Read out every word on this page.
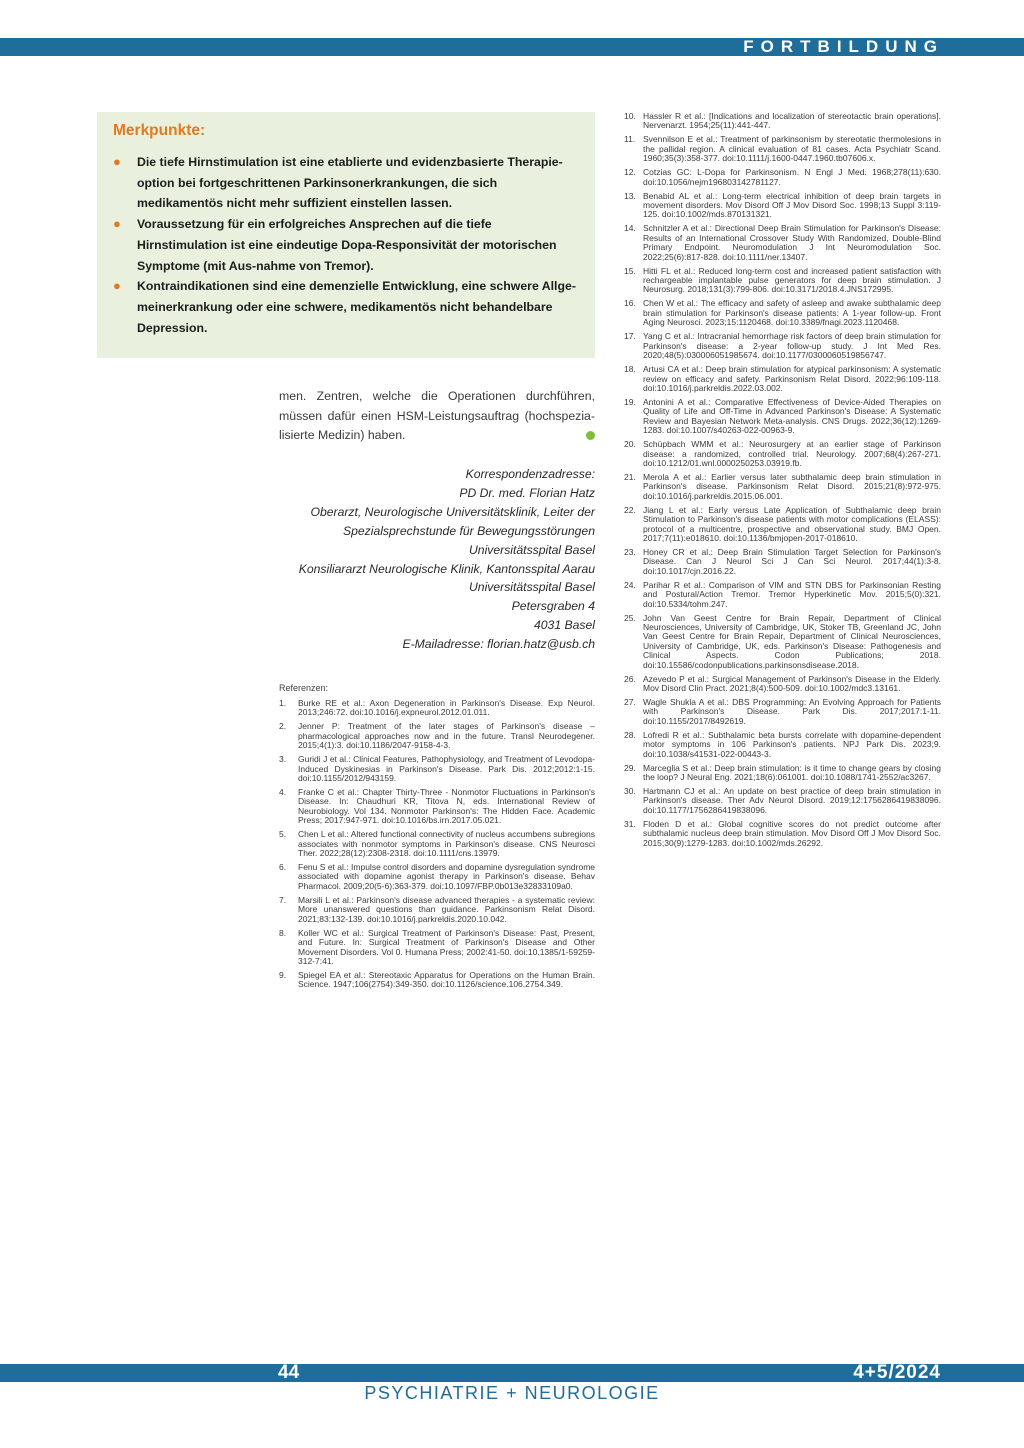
FORTBILDUNG
Merkpunkte:
● Die tiefe Hirnstimulation ist eine etablierte und evidenzbasierte Therapie-option bei fortgeschrittenen Parkinsonerkrankungen, die sich medikamentös nicht mehr suffizient einstellen lassen.
● Voraussetzung für ein erfolgreiches Ansprechen auf die tiefe Hirnstimulation ist eine eindeutige Dopa-Responsivität der motorischen Symptome (mit Aus-nahme von Tremor).
● Kontraindikationen sind eine demenzielle Entwicklung, eine schwere Allge-meinerkrankung oder eine schwere, medikamentös nicht behandelbare Depression.
men. Zentren, welche die Operationen durchführen, müssen dafür einen HSM-Leistungsauftrag (hochspezia-lisierte Medizin) haben.
Korrespondenzadresse:
PD Dr. med. Florian Hatz
Oberarzt, Neurologische Universitätsklinik, Leiter der
Spezialsprechstunde für Bewegungsstörungen
Universitätsspital Basel
Konsiliararzt Neurologische Klinik, Kantonsspital Aarau
Universitätsspital Basel
Petersgraben 4
4031 Basel
E-Mailadresse: florian.hatz@usb.ch
Referenzen:
1. Burke RE et al.: Axon Degeneration in Parkinson's Disease. Exp Neurol. 2013;246:72. doi:10.1016/j.expneurol.2012.01.011.
2. Jenner P: Treatment of the later stages of Parkinson's disease – pharmacological approaches now and in the future. Transl Neurodegener. 2015;4(1):3. doi:10.1186/2047-9158-4-3.
3. Guridi J et al.: Clinical Features, Pathophysiology, and Treatment of Levodopa-Induced Dyskinesias in Parkinson's Disease. Park Dis. 2012;2012:1-15. doi:10.1155/2012/943159.
4. Franke C et al.: Chapter Thirty-Three - Nonmotor Fluctuations in Parkinson's Disease. In: Chaudhuri KR, Titova N, eds. International Review of Neurobiology. Vol 134. Nonmotor Parkinson's: The Hidden Face. Academic Press; 2017:947-971. doi:10.1016/bs.irn.2017.05.021.
5. Chen L et al.: Altered functional connectivity of nucleus accumbens subregions associates with nonmotor symptoms in Parkinson's disease. CNS Neurosci Ther. 2022;28(12):2308-2318. doi:10.1111/cns.13979.
6. Fenu S et al.: Impulse control disorders and dopamine dysregulation syndrome associated with dopamine agonist therapy in Parkinson's disease. Behav Pharmacol. 2009;20(5-6):363-379. doi:10.1097/FBP.0b013e32833109a0.
7. Marsili L et al.: Parkinson's disease advanced therapies - a systematic review: More unanswered questions than guidance. Parkinsonism Relat Disord. 2021;83:132-139. doi:10.1016/j.parkreldis.2020.10.042.
8. Koller WC et al.: Surgical Treatment of Parkinson's Disease: Past, Present, and Future. In: Surgical Treatment of Parkinson's Disease and Other Movement Disorders. Vol 0. Humana Press; 2002:41-50. doi:10.1385/1-59259-312-7:41.
9. Spiegel EA et al.: Stereotaxic Apparatus for Operations on the Human Brain. Science. 1947;106(2754):349-350. doi:10.1126/science.106.2754.349.
10. Hassler R et al.: [Indications and localization of stereotactic brain operations]. Nervenarzt. 1954;25(11):441-447.
11. Svennilson E et al.: Treatment of parkinsonism by stereotatic thermolesions in the pallidal region. A clinical evaluation of 81 cases. Acta Psychiatr Scand. 1960;35(3):358-377. doi:10.1111/j.1600-0447.1960.tb07606.x.
12. Cotzias GC: L-Dopa for Parkinsonism. N Engl J Med. 1968;278(11):630. doi:10.1056/nejm196803142781127.
13. Benabid AL et al.: Long-term electrical inhibition of deep brain targets in movement disorders. Mov Disord Off J Mov Disord Soc. 1998;13 Suppl 3:119-125. doi:10.1002/mds.870131321.
14. Schnitzler A et al.: Directional Deep Brain Stimulation for Parkinson's Disease: Results of an International Crossover Study With Randomized, Double-Blind Primary Endpoint. Neuromodulation J Int Neuromodulation Soc. 2022;25(6):817-828. doi:10.1111/ner.13407.
15. Hitti FL et al.: Reduced long-term cost and increased patient satisfaction with rechargeable implantable pulse generators for deep brain stimulation. J Neurosurg. 2018;131(3):799-806. doi:10.3171/2018.4.JNS172995.
16. Chen W et al.: The efficacy and safety of asleep and awake subthalamic deep brain stimulation for Parkinson's disease patients: A 1-year follow-up. Front Aging Neurosci. 2023;15:1120468. doi:10.3389/fnagi.2023.1120468.
17. Yang C et al.: Intracranial hemorrhage risk factors of deep brain stimulation for Parkinson's disease: a 2-year follow-up study. J Int Med Res. 2020;48(5):030006051985674. doi:10.1177/0300060519856747.
18. Artusi CA et al.: Deep brain stimulation for atypical parkinsonism: A systematic review on efficacy and safety. Parkinsonism Relat Disord. 2022;96:109-118. doi:10.1016/j.parkreldis.2022.03.002.
19. Antonini A et al.: Comparative Effectiveness of Device-Aided Therapies on Quality of Life and Off-Time in Advanced Parkinson's Disease: A Systematic Review and Bayesian Network Meta-analysis. CNS Drugs. 2022;36(12):1269-1283. doi:10.1007/s40263-022-00963-9.
20. Schüpbach WMM et al.: Neurosurgery at an earlier stage of Parkinson disease: a randomized, controlled trial. Neurology. 2007;68(4):267-271. doi:10.1212/01.wnl.0000250253.03919.fb.
21. Merola A et al.: Earlier versus later subthalamic deep brain stimulation in Parkinson's disease. Parkinsonism Relat Disord. 2015;21(8):972-975. doi:10.1016/j.parkreldis.2015.06.001.
22. Jiang L et al.: Early versus Late Application of Subthalamic deep brain Stimulation to Parkinson's disease patients with motor complications (ELASS): protocol of a multicentre, prospective and observational study. BMJ Open. 2017;7(11):e018610. doi:10.1136/bmjopen-2017-018610.
23. Honey CR et al.: Deep Brain Stimulation Target Selection for Parkinson's Disease. Can J Neurol Sci J Can Sci Neurol. 2017;44(1):3-8. doi:10.1017/cjn.2016.22.
24. Parihar R et al.: Comparison of VIM and STN DBS for Parkinsonian Resting and Postural/Action Tremor. Tremor Hyperkinetic Mov. 2015;5(0):321. doi:10.5334/tohm.247.
25. John Van Geest Centre for Brain Repair, Department of Clinical Neurosciences, University of Cambridge, UK, Stoker TB, Greenland JC, John Van Geest Centre for Brain Repair, Department of Clinical Neurosciences, University of Cambridge, UK, eds. Parkinson's Disease: Pathogenesis and Clinical Aspects. Codon Publications; 2018. doi:10.15586/codonpublications.parkinsonsdisease.2018.
26. Azevedo P et al.: Surgical Management of Parkinson's Disease in the Elderly. Mov Disord Clin Pract. 2021;8(4):500-509. doi:10.1002/mdc3.13161.
27. Wagle Shukla A et al.: DBS Programming: An Evolving Approach for Patients with Parkinson's Disease. Park Dis. 2017;2017:1-11. doi:10.1155/2017/8492619.
28. Lofredi R et al.: Subthalamic beta bursts correlate with dopamine-dependent motor symptoms in 106 Parkinson's patients. NPJ Park Dis. 2023;9. doi:10.1038/s41531-022-00443-3.
29. Marceglia S et al.: Deep brain stimulation: is it time to change gears by closing the loop? J Neural Eng. 2021;18(6):061001. doi:10.1088/1741-2552/ac3267.
30. Hartmann CJ et al.: An update on best practice of deep brain stimulation in Parkinson's disease. Ther Adv Neurol Disord. 2019;12:1756286419838096. doi:10.1177/1756286419838096.
31. Floden D et al.: Global cognitive scores do not predict outcome after subthalamic nucleus deep brain stimulation. Mov Disord Off J Mov Disord Soc. 2015;30(9):1279-1283. doi:10.1002/mds.26292.
44	4+5/2024
PSYCHIATRIE + NEUROLOGIE
